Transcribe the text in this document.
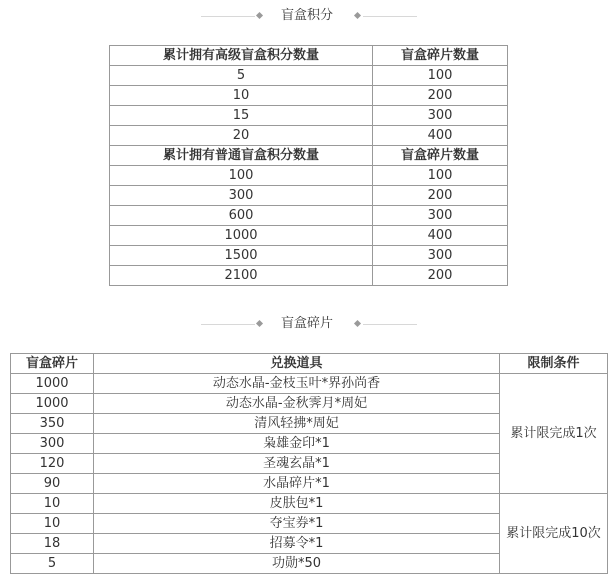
盲盒积分
累计拥有高级盲盒积分数量	盲盒碎片数量
5	100
10	200
15	300
20	400
累计拥有普通盲盒积分数量	盲盒碎片数量
100	100
300	200
600	300
1000	400
1500	300
2100	200
盲盒碎片
盲盒碎片	兑换道具	限制条件
1000	动态水晶-金枝玉叶*界孙尚香	累计限完成1次
1000	动态水晶-金秋霁月*周妃	
350	清风轻拂*周妃	
300	枭雄金印*1	
120	圣魂玄晶*1	
90	水晶碎片*1	
10	皮肤包*1	累计限完成10次
10	夺宝券*1	
18	招募令*1	
5	功勋*50	
